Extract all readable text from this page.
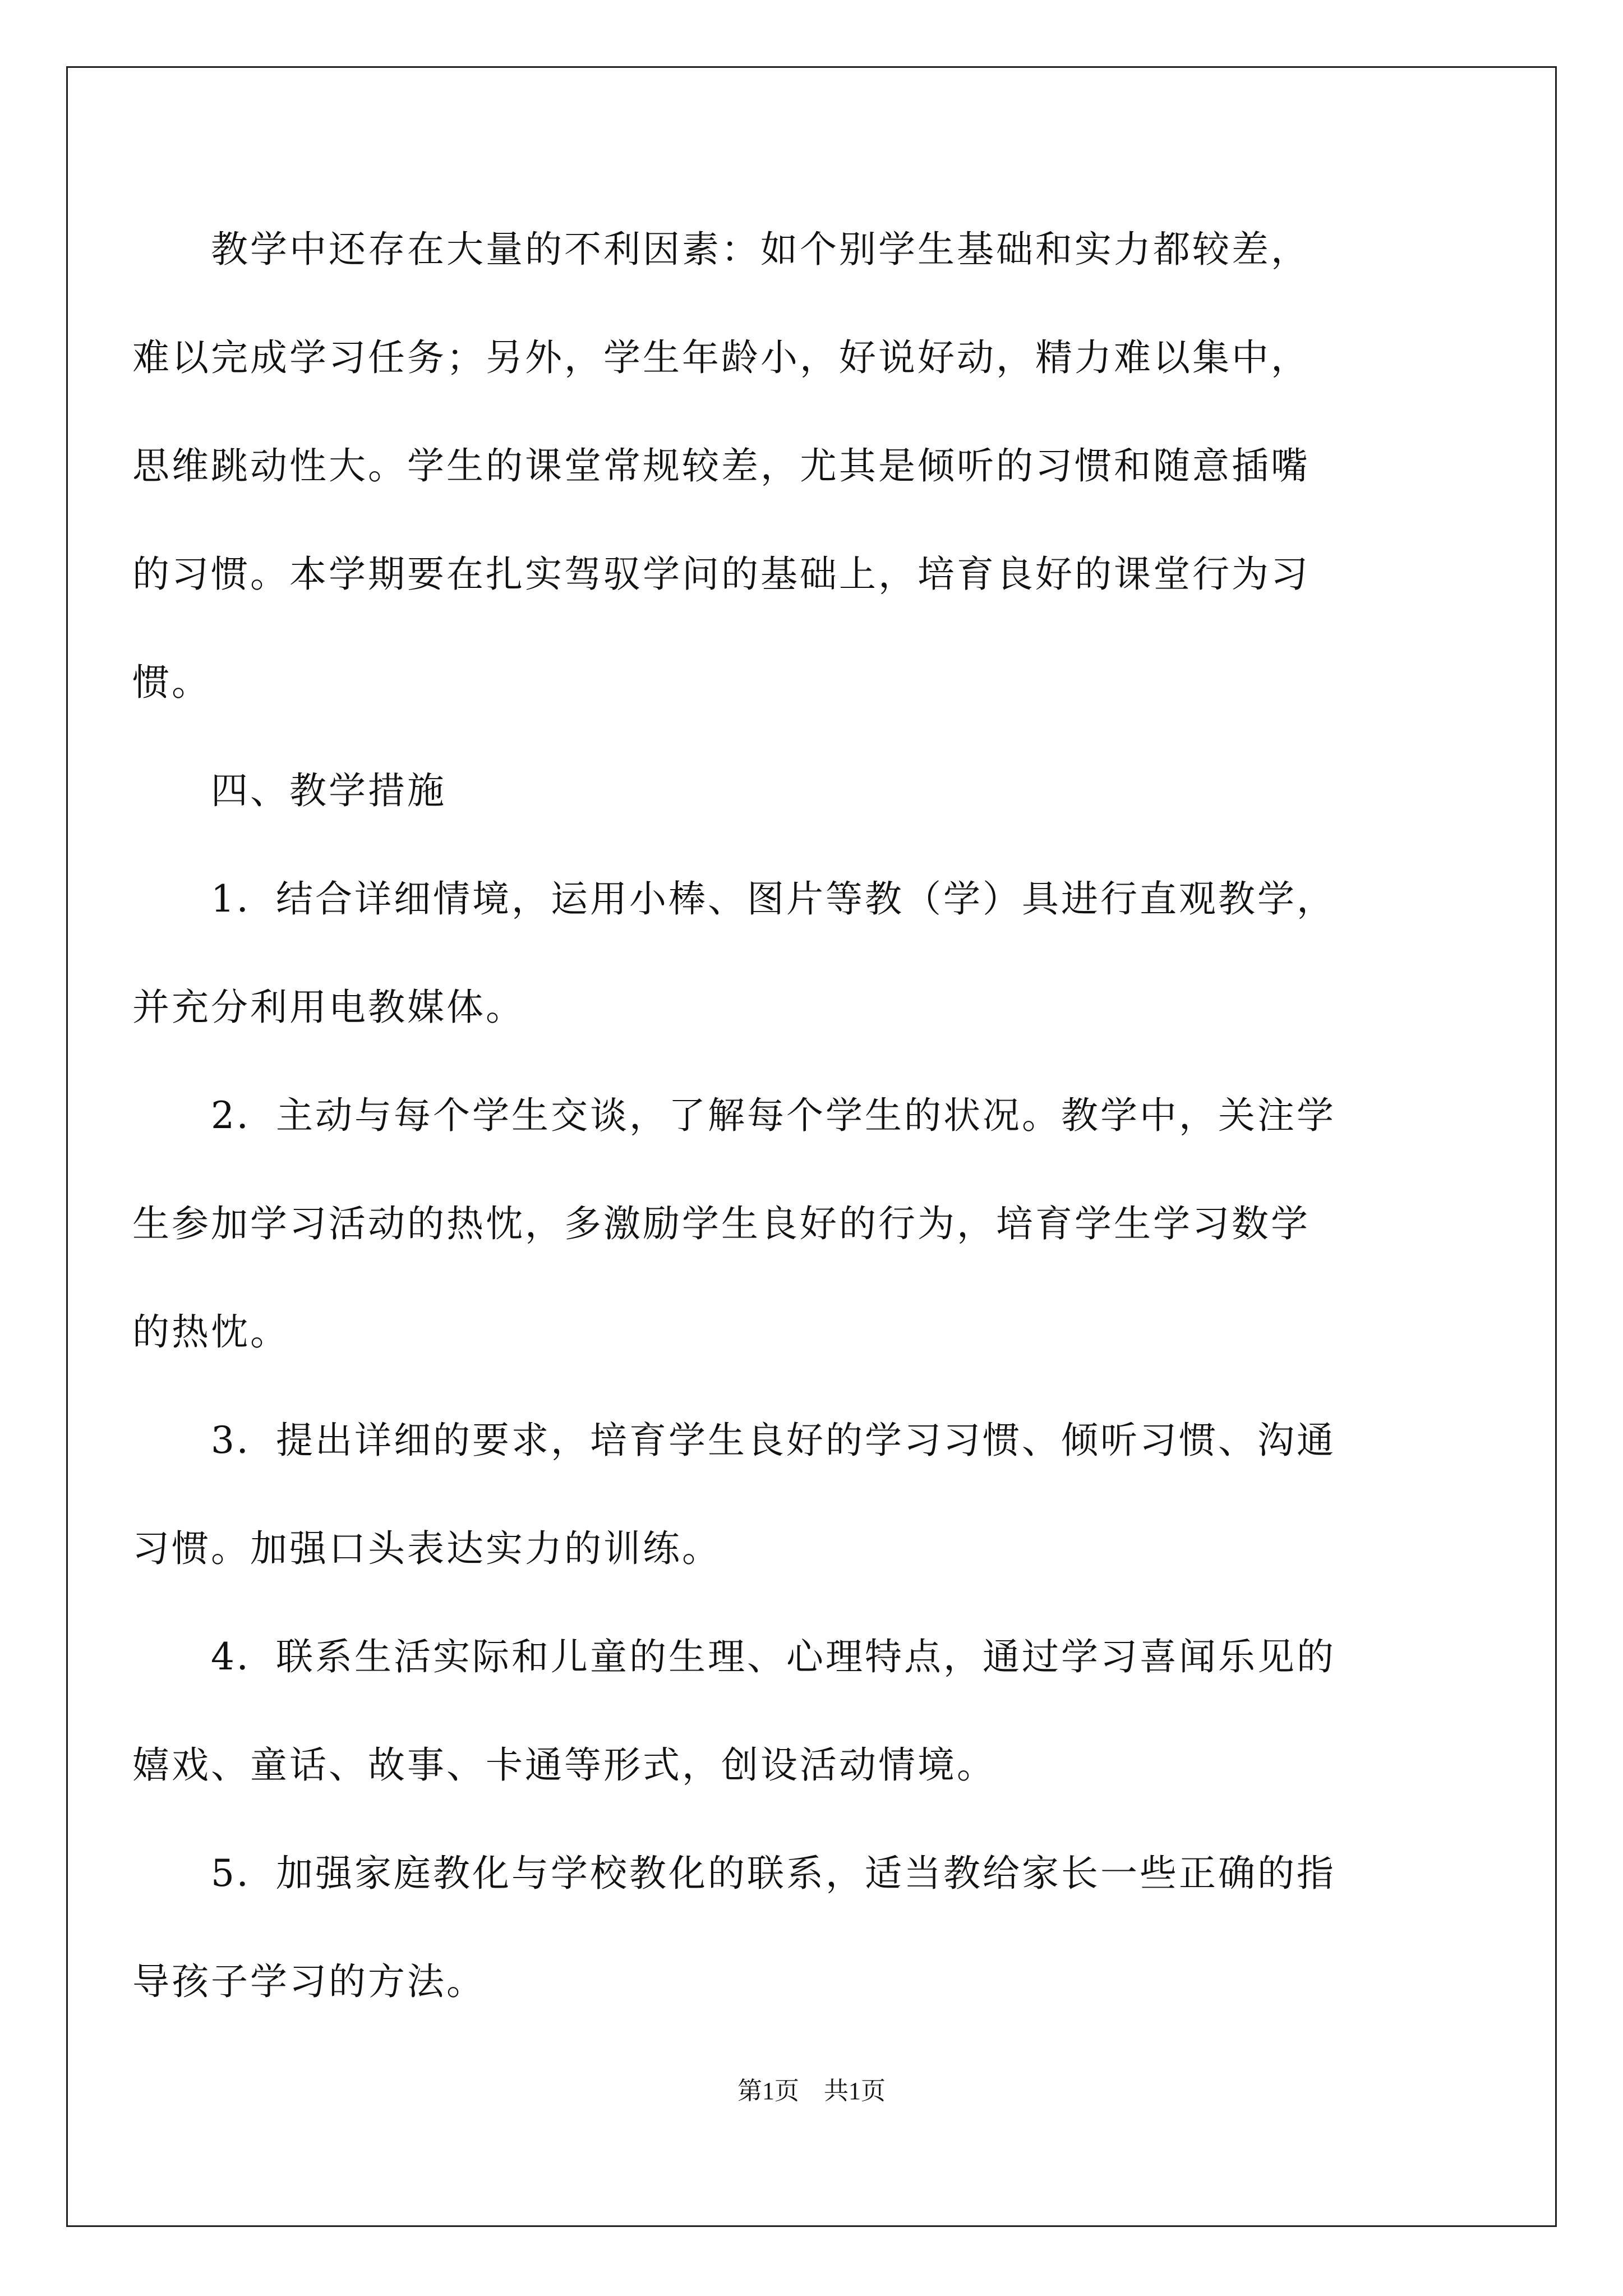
　　教学中还存在大量的不利因素：如个别学生基础和实力都较差，
难以完成学习任务；另外，学生年龄小，好说好动，精力难以集中，
思维跳动性大。学生的课堂常规较差，尤其是倾听的习惯和随意插嘴
的习惯。本学期要在扎实驾驭学问的基础上，培育良好的课堂行为习
惯。
　　四、教学措施
　　1．结合详细情境，运用小棒、图片等教（学）具进行直观教学，
并充分利用电教媒体。
　　2．主动与每个学生交谈，了解每个学生的状况。教学中，关注学
生参加学习活动的热忱，多激励学生良好的行为，培育学生学习数学
的热忱。
　　3．提出详细的要求，培育学生良好的学习习惯、倾听习惯、沟通
习惯。加强口头表达实力的训练。
　　4．联系生活实际和儿童的生理、心理特点，通过学习喜闻乐见的
嬉戏、童话、故事、卡通等形式，创设活动情境。
　　5．加强家庭教化与学校教化的联系，适当教给家长一些正确的指
导孩子学习的方法。
第1页　共1页
